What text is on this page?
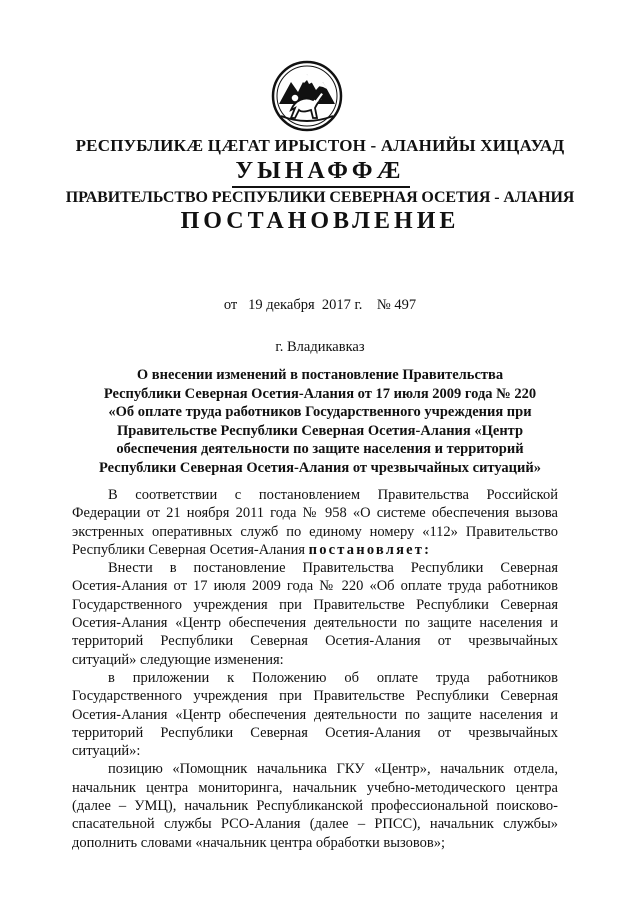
РЕСПУБЛИКÆ ЦÆГАТ ИРЫСТОН - АЛАНИЙЫ ХИЦАУАД
УЫНАФФÆ
ПРАВИТЕЛЬСТВО РЕСПУБЛИКИ СЕВЕРНАЯ ОСЕТИЯ - АЛАНИЯ
ПОСТАНОВЛЕНИЕ
от   19 декабря  2017 г.    № 497
г. Владикавказ
О внесении изменений в постановление Правительства
Республики Северная Осетия-Алания от 17 июля 2009 года № 220
«Об оплате труда работников Государственного учреждения при
Правительстве Республики Северная Осетия-Алания «Центр
обеспечения деятельности по защите населения и территорий
Республики Северная Осетия-Алания от чрезвычайных ситуаций»
В соответствии с постановлением Правительства Российской
Федерации от 21 ноября 2011 года № 958 «О системе обеспечения вызова
экстренных оперативных служб по единому номеру «112» Правительство
Республики Северная Осетия-Алания постановляет:
Внести в постановление Правительства Республики Северная
Осетия-Алания от 17 июля 2009 года № 220 «Об оплате труда работников
Государственного учреждения при Правительстве Республики Северная
Осетия-Алания «Центр обеспечения деятельности по защите населения и
территорий Республики Северная Осетия-Алания от чрезвычайных
ситуаций» следующие изменения:
в приложении к Положению об оплате труда работников
Государственного учреждения при Правительстве Республики Северная
Осетия-Алания «Центр обеспечения деятельности по защите населения и
территорий Республики Северная Осетия-Алания от чрезвычайных
ситуаций»:
позицию «Помощник начальника ГКУ «Центр», начальник отдела,
начальник центра мониторинга, начальник учебно-методического центра
(далее – УМЦ), начальник Республиканской профессиональной поисково-
спасательной службы РСО-Алания (далее – РПСС), начальник службы»
дополнить словами «начальник центра обработки вызовов»;
